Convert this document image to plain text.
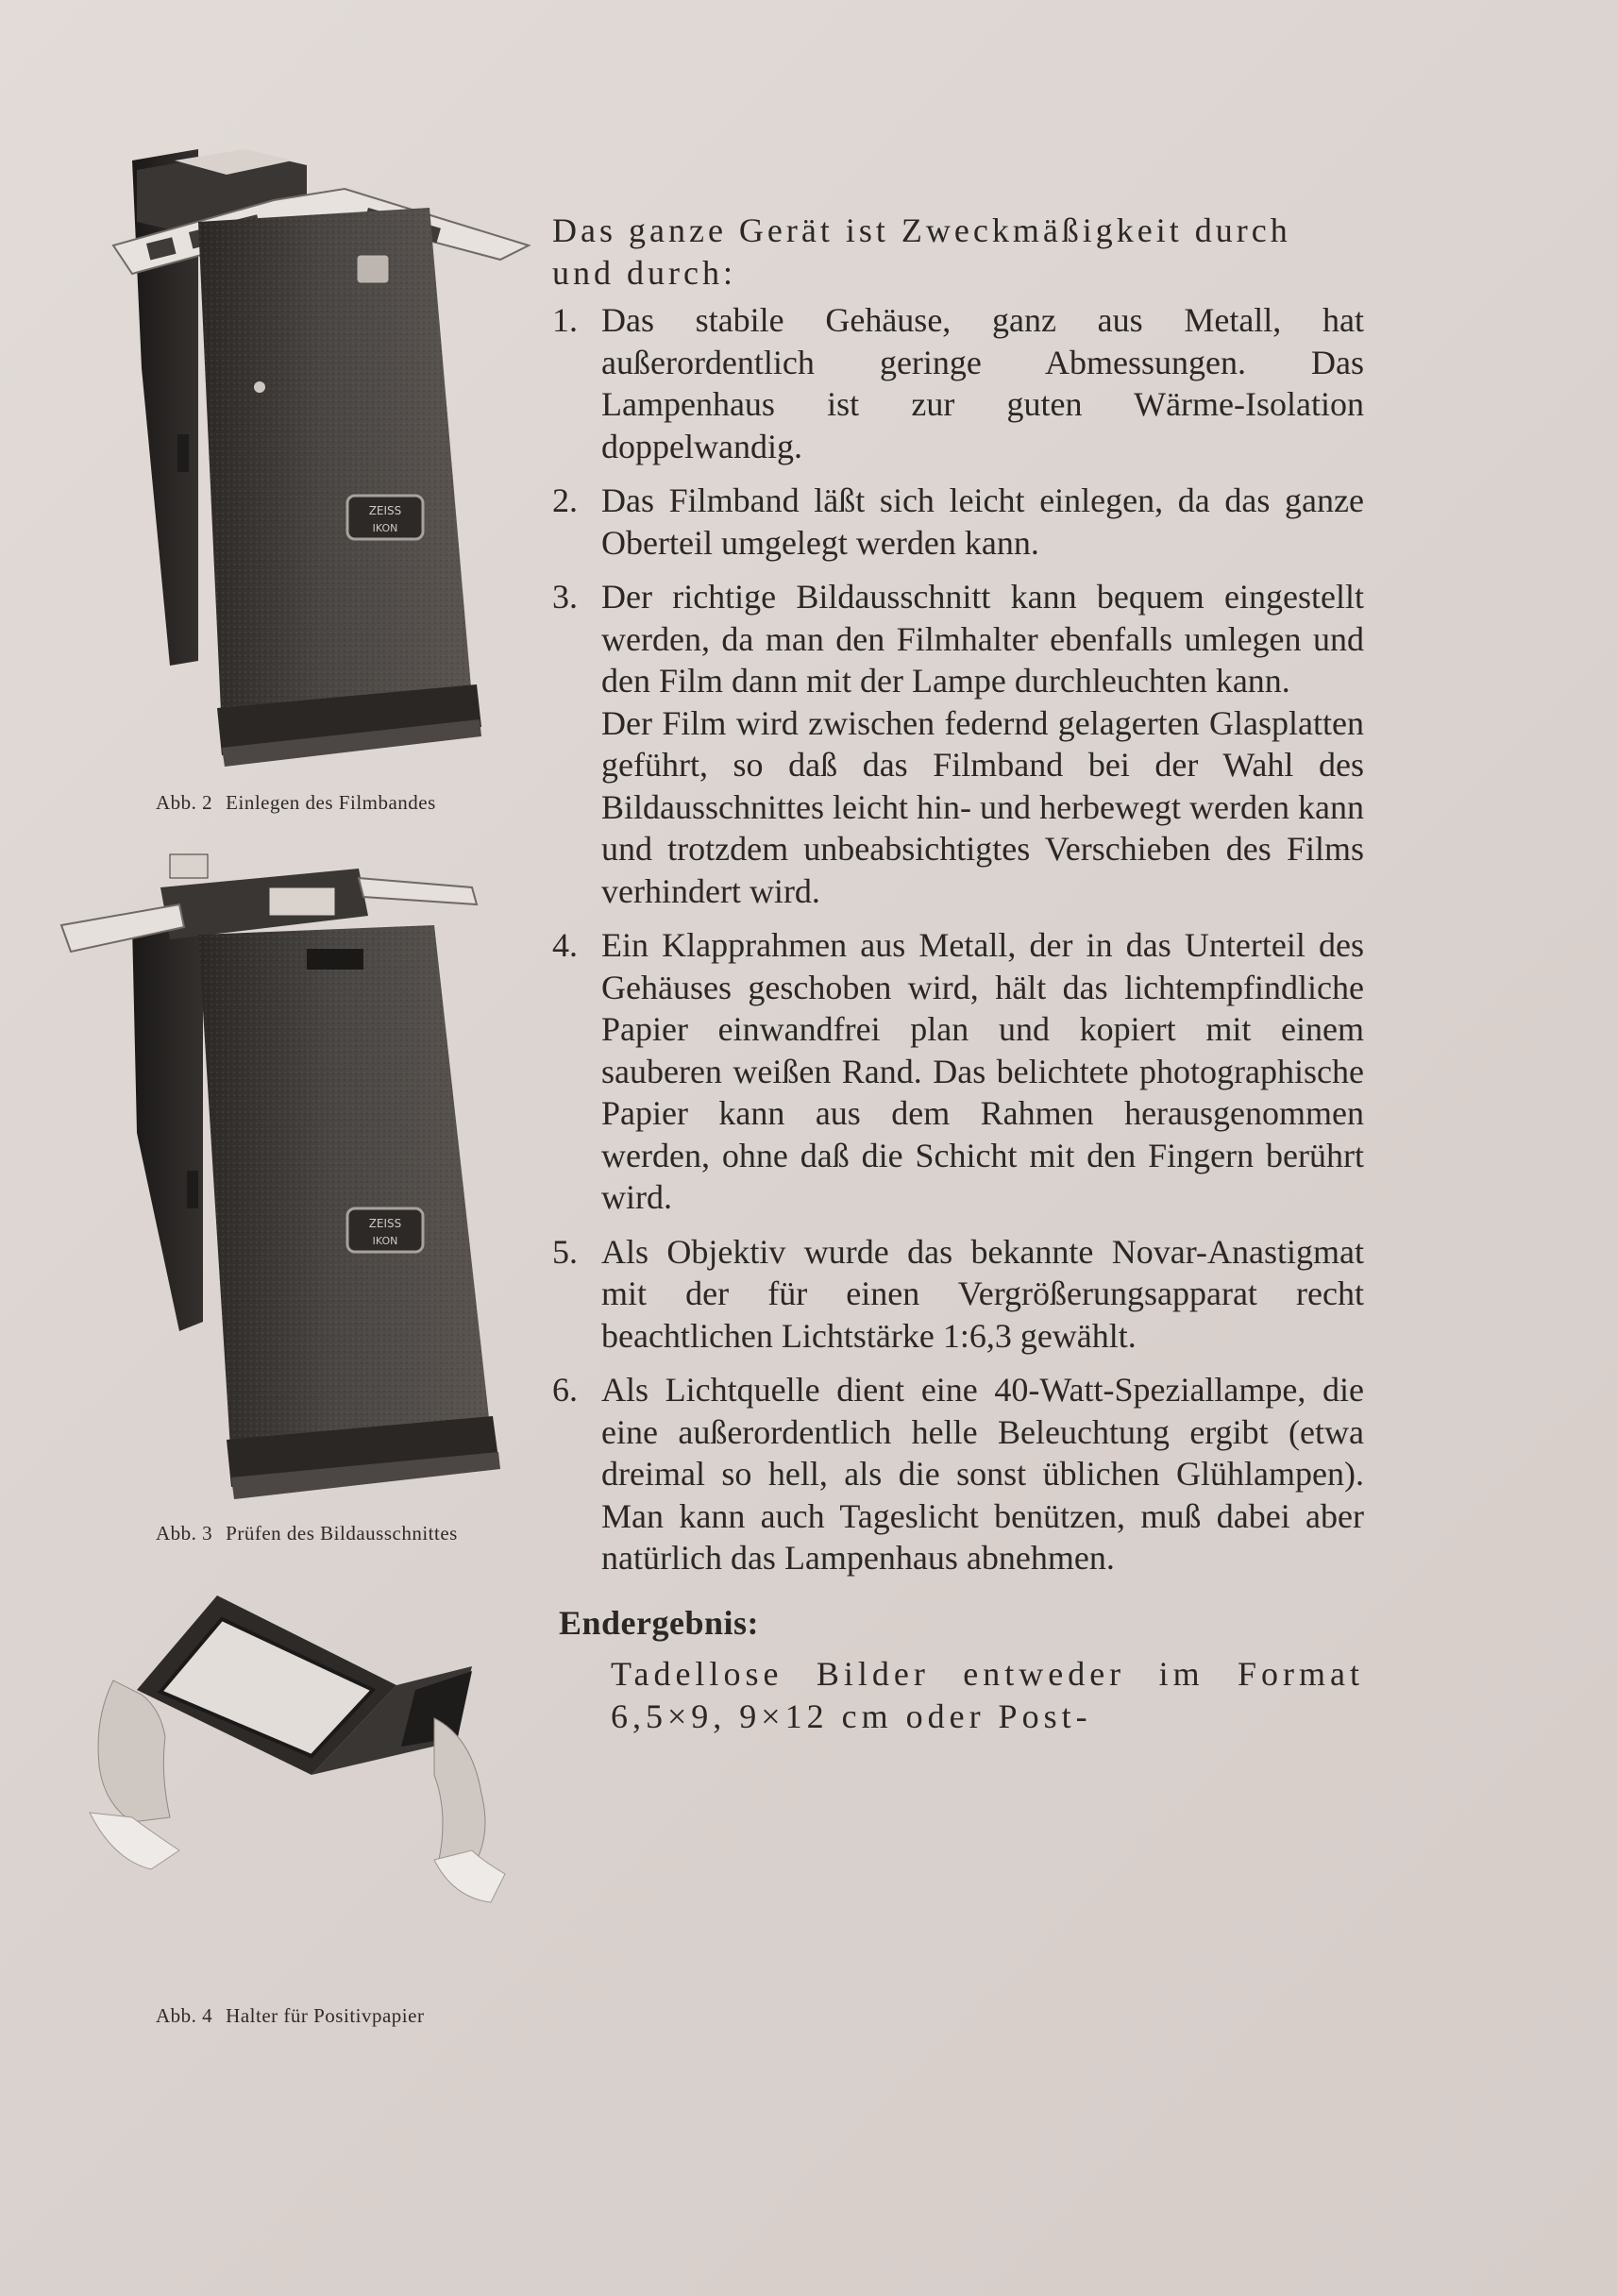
ZEISS
IKON
Abb. 2 Einlegen des Filmbandes
ZEISS
IKON
Abb. 3 Prüfen des Bildausschnittes
Abb. 4 Halter für Positivpapier

Das ganze Gerät ist Zweckmäßigkeit durch und durch:

1. Das stabile Gehäuse, ganz aus Metall, hat außerordentlich geringe Abmessungen. Das Lampenhaus ist zur guten Wärme-Isolation doppelwandig.

2. Das Filmband läßt sich leicht einlegen, da das ganze Oberteil umgelegt werden kann.

3. Der richtige Bildausschnitt kann bequem eingestellt werden, da man den Filmhalter ebenfalls umlegen und den Film dann mit der Lampe durchleuchten kann.

Der Film wird zwischen federnd gelagerten Glasplatten geführt, so daß das Filmband bei der Wahl des Bildausschnittes leicht hin- und herbewegt werden kann und trotzdem unbeabsichtigtes Verschieben des Films verhindert wird.

4. Ein Klapprahmen aus Metall, der in das Unterteil des Gehäuses geschoben wird, hält das lichtempfindliche Papier einwandfrei plan und kopiert mit einem sauberen weißen Rand. Das belichtete photographische Papier kann aus dem Rahmen herausgenommen werden, ohne daß die Schicht mit den Fingern berührt wird.

5. Als Objektiv wurde das bekannte Novar-Anastigmat mit der für einen Vergrößerungsapparat recht beachtlichen Lichtstärke 1:6,3 gewählt.

6. Als Lichtquelle dient eine 40-Watt-Speziallampe, die eine außerordentlich helle Beleuchtung ergibt (etwa dreimal so hell, als die sonst üblichen Glühlampen). Man kann auch Tageslicht benützen, muß dabei aber natürlich das Lampenhaus abnehmen.

Endergebnis:
Tadellose Bilder entweder im Format 6,5×9, 9×12 cm oder Post-
